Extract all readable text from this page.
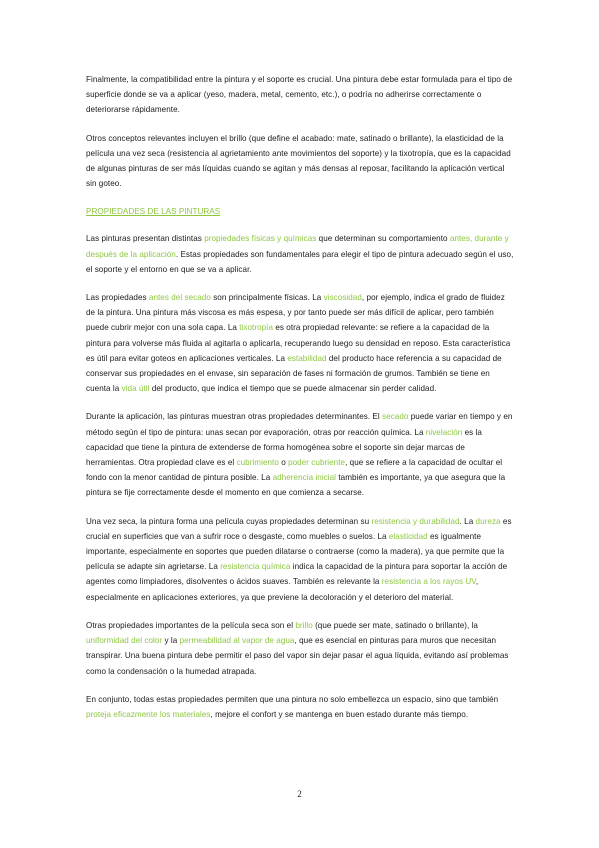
Finalmente, la compatibilidad entre la pintura y el soporte es crucial. Una pintura debe estar formulada para el tipo de superficie donde se va a aplicar (yeso, madera, metal, cemento, etc.), o podría no adherirse correctamente o deteriorarse rápidamente.

Otros conceptos relevantes incluyen el brillo (que define el acabado: mate, satinado o brillante), la elasticidad de la película una vez seca (resistencia al agrietamiento ante movimientos del soporte) y la tixotropía, que es la capacidad de algunas pinturas de ser más líquidas cuando se agitan y más densas al reposar, facilitando la aplicación vertical sin goteo.

PROPIEDADES DE LAS PINTURAS

Las pinturas presentan distintas propiedades físicas y químicas que determinan su comportamiento antes, durante y después de la aplicación. Estas propiedades son fundamentales para elegir el tipo de pintura adecuado según el uso, el soporte y el entorno en que se va a aplicar.

Las propiedades antes del secado son principalmente físicas. La viscosidad, por ejemplo, indica el grado de fluidez de la pintura. Una pintura más viscosa es más espesa, y por tanto puede ser más difícil de aplicar, pero también puede cubrir mejor con una sola capa. La tixotropía es otra propiedad relevante: se refiere a la capacidad de la pintura para volverse más fluida al agitarla o aplicarla, recuperando luego su densidad en reposo. Esta característica es útil para evitar goteos en aplicaciones verticales. La estabilidad del producto hace referencia a su capacidad de conservar sus propiedades en el envase, sin separación de fases ni formación de grumos. También se tiene en cuenta la vida útil del producto, que indica el tiempo que se puede almacenar sin perder calidad.

Durante la aplicación, las pinturas muestran otras propiedades determinantes. El secado puede variar en tiempo y en método según el tipo de pintura: unas secan por evaporación, otras por reacción química. La nivelación es la capacidad que tiene la pintura de extenderse de forma homogénea sobre el soporte sin dejar marcas de herramientas. Otra propiedad clave es el cubrimiento o poder cubriente, que se refiere a la capacidad de ocultar el fondo con la menor cantidad de pintura posible. La adherencia inicial también es importante, ya que asegura que la pintura se fije correctamente desde el momento en que comienza a secarse.

Una vez seca, la pintura forma una película cuyas propiedades determinan su resistencia y durabilidad. La dureza es crucial en superficies que van a sufrir roce o desgaste, como muebles o suelos. La elasticidad es igualmente importante, especialmente en soportes que pueden dilatarse o contraerse (como la madera), ya que permite que la película se adapte sin agrietarse. La resistencia química indica la capacidad de la pintura para soportar la acción de agentes como limpiadores, disolventes o ácidos suaves. También es relevante la resistencia a los rayos UV, especialmente en aplicaciones exteriores, ya que previene la decoloración y el deterioro del material.

Otras propiedades importantes de la película seca son el brillo (que puede ser mate, satinado o brillante), la uniformidad del color y la permeabilidad al vapor de agua, que es esencial en pinturas para muros que necesitan transpirar. Una buena pintura debe permitir el paso del vapor sin dejar pasar el agua líquida, evitando así problemas como la condensación o la humedad atrapada.

En conjunto, todas estas propiedades permiten que una pintura no solo embellezca un espacio, sino que también proteja eficazmente los materiales, mejore el confort y se mantenga en buen estado durante más tiempo.

2
